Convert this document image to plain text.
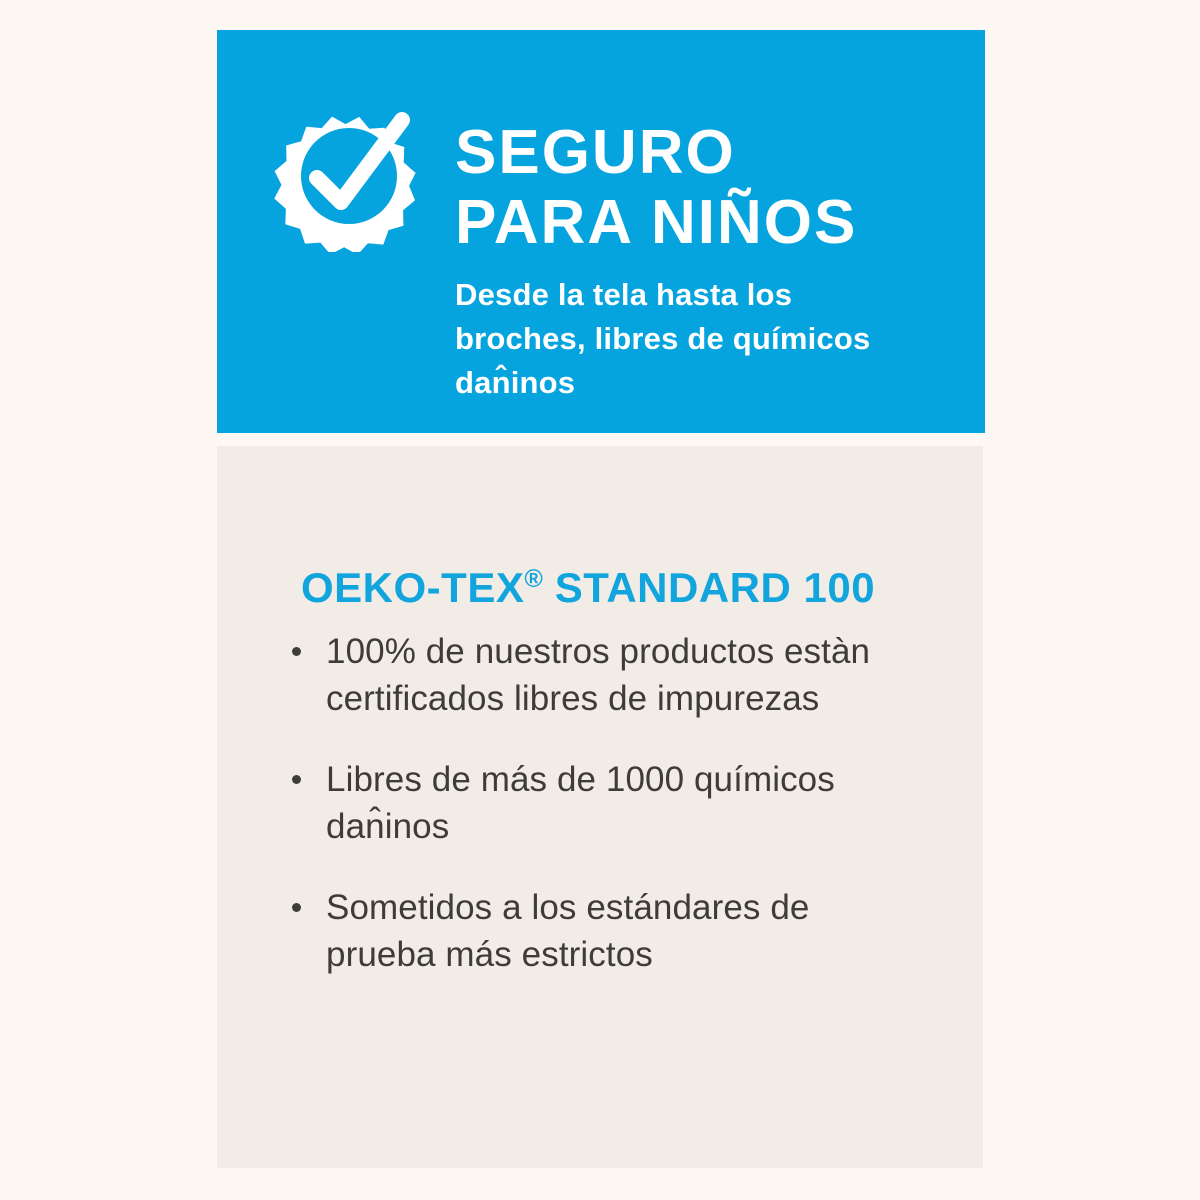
SEGURO
PARA NIÑOS
Desde la tela hasta los
broches, libres de químicos
dan̂inos
OEKO-TEX® STANDARD 100
100% de nuestros productos estàn
certificados libres de impurezas
Libres de más de 1000 químicos
dan̂inos
Sometidos a los estándares de
prueba más estrictos
